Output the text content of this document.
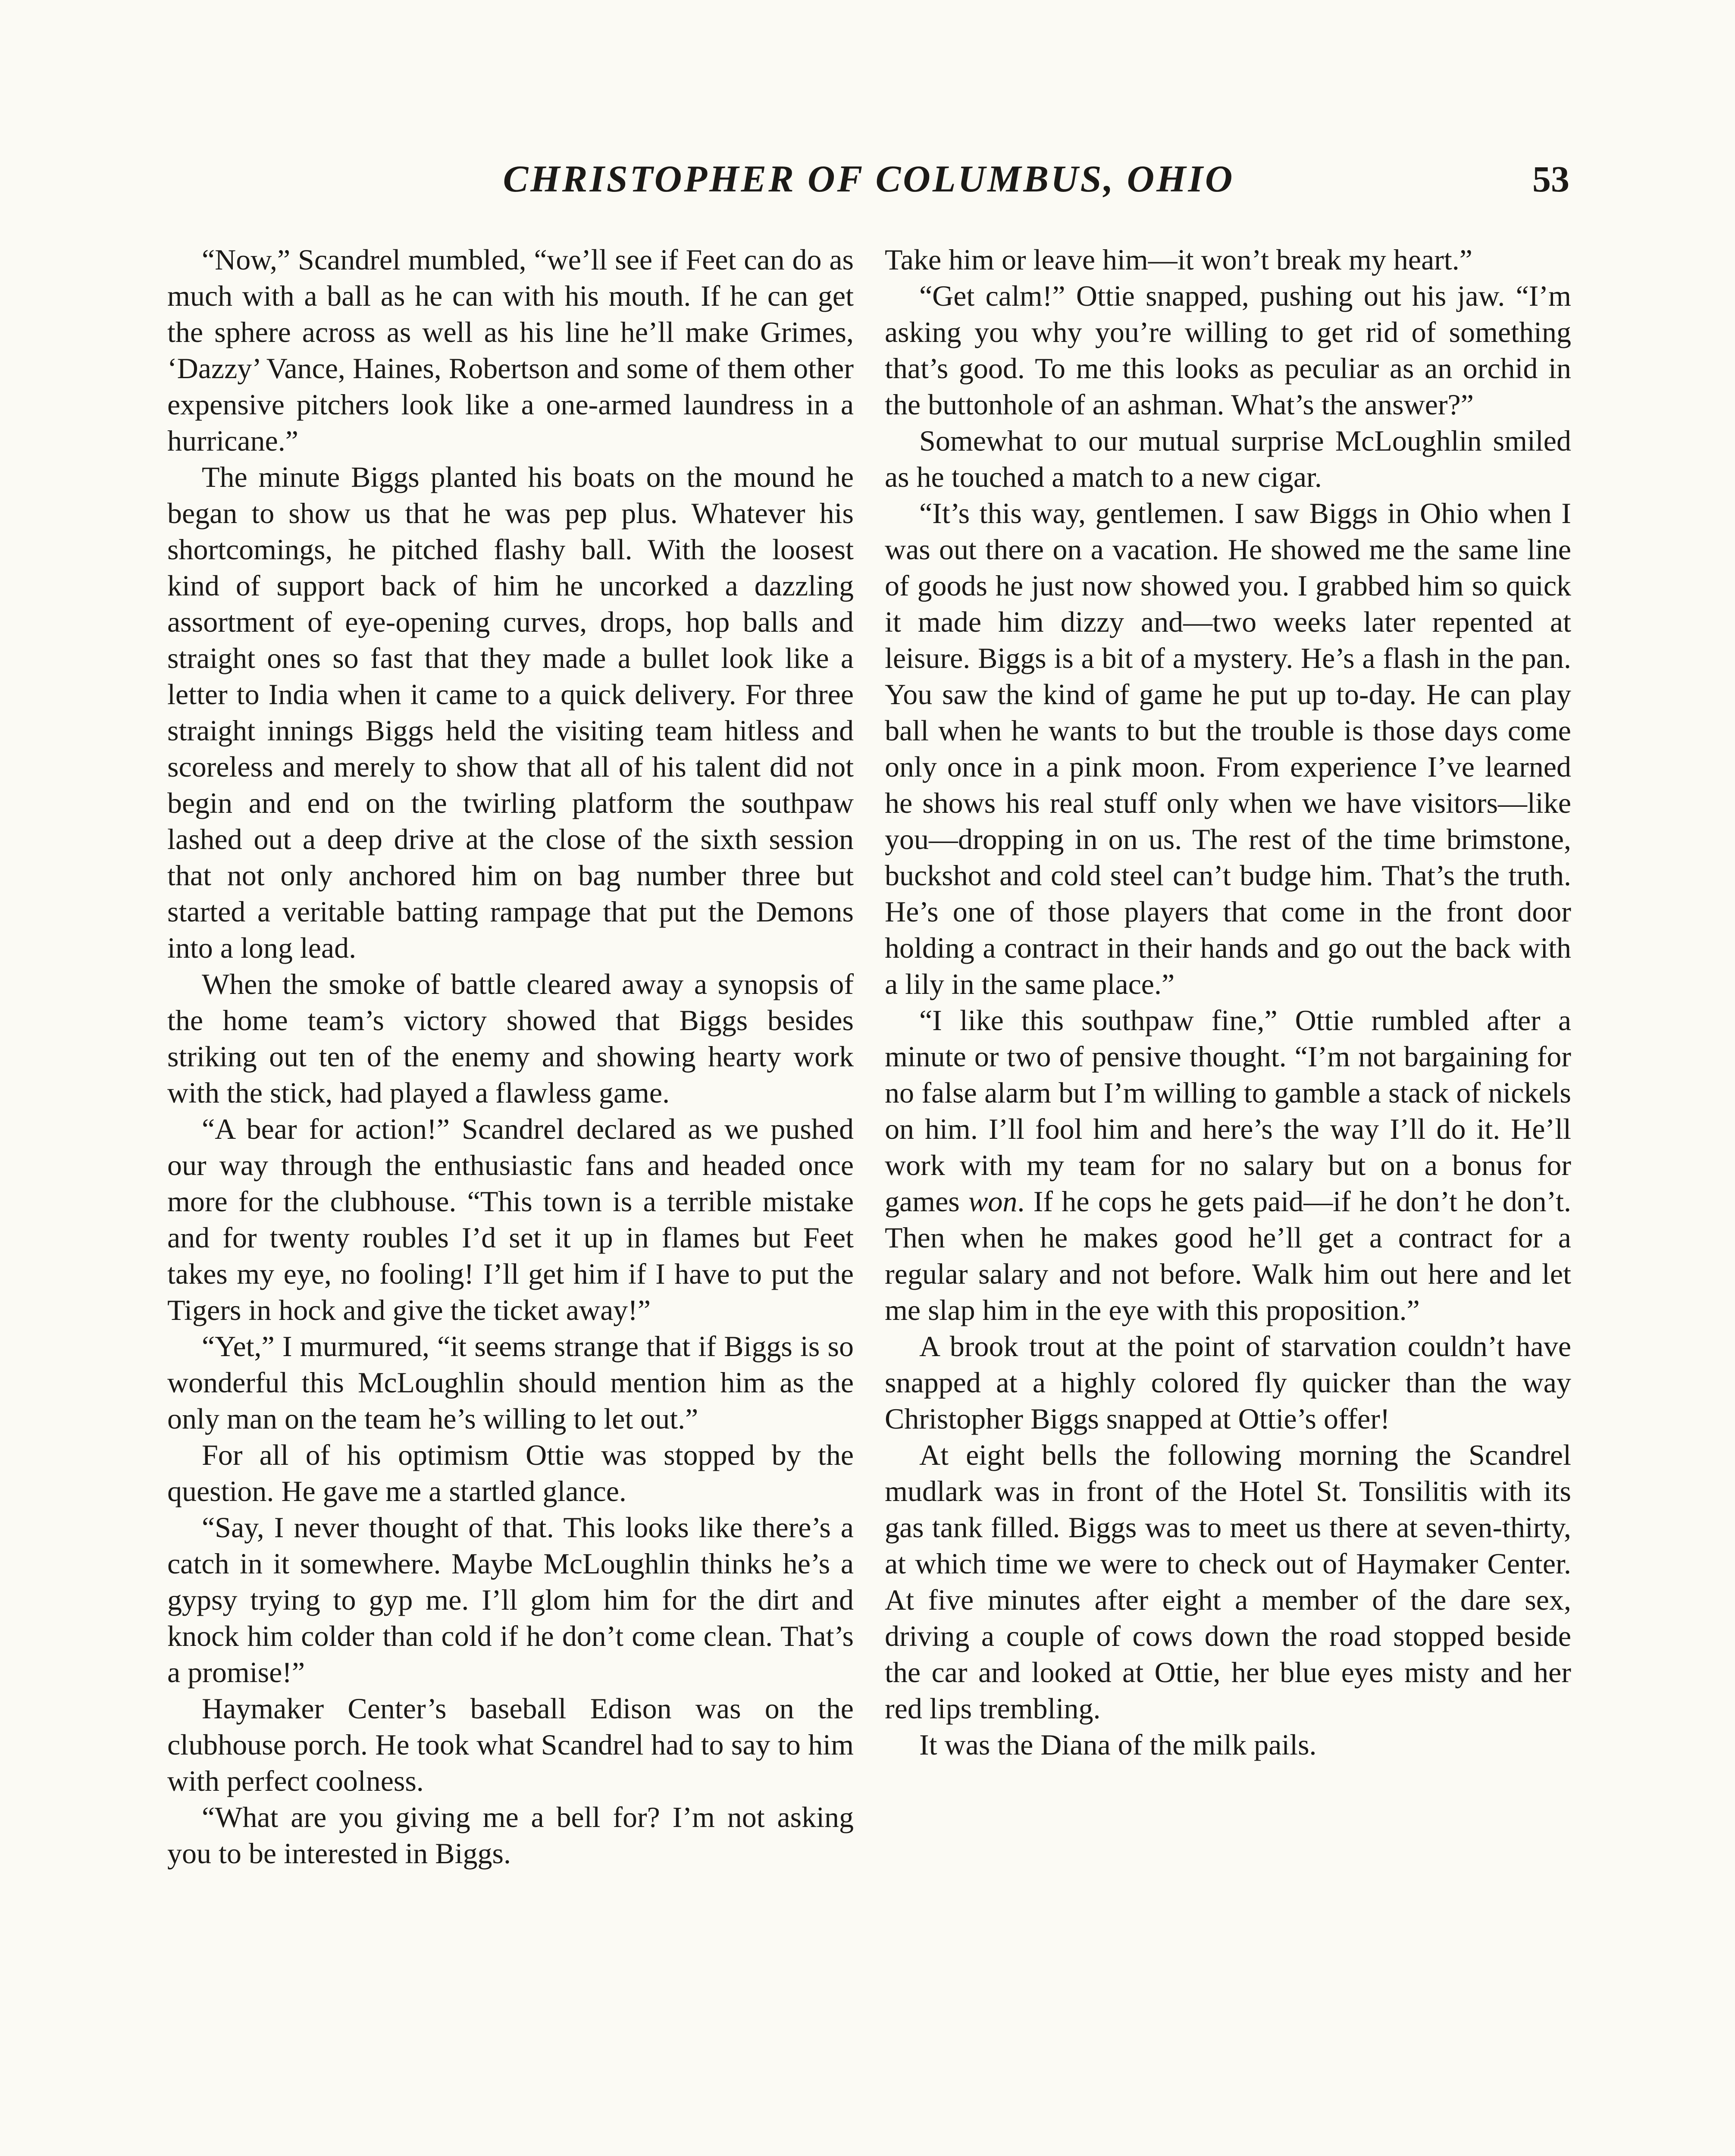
CHRISTOPHER OF COLUMBUS, OHIO	53

“Now,” Scandrel mumbled, “we’ll see if Feet can do as much with a ball as he can with his mouth. If he can get the sphere across as well as his line he’ll make Grimes, ‘Dazzy’ Vance, Haines, Robertson and some of them other expensive pitchers look like a one-armed laundress in a hurricane.”

The minute Biggs planted his boats on the mound he began to show us that he was pep plus. Whatever his shortcomings, he pitched flashy ball. With the loosest kind of support back of him he uncorked a dazzling assortment of eye-opening curves, drops, hop balls and straight ones so fast that they made a bullet look like a letter to India when it came to a quick delivery. For three straight innings Biggs held the visiting team hitless and scoreless and merely to show that all of his talent did not begin and end on the twirling platform the southpaw lashed out a deep drive at the close of the sixth session that not only anchored him on bag number three but started a veritable batting rampage that put the Demons into a long lead.

When the smoke of battle cleared away a synopsis of the home team’s victory showed that Biggs besides striking out ten of the enemy and showing hearty work with the stick, had played a flawless game.

“A bear for action!” Scandrel declared as we pushed our way through the enthusiastic fans and headed once more for the clubhouse. “This town is a terrible mistake and for twenty roubles I’d set it up in flames but Feet takes my eye, no fooling! I’ll get him if I have to put the Tigers in hock and give the ticket away!”

“Yet,” I murmured, “it seems strange that if Biggs is so wonderful this McLoughlin should mention him as the only man on the team he’s willing to let out.”

For all of his optimism Ottie was stopped by the question. He gave me a startled glance.

“Say, I never thought of that. This looks like there’s a catch in it somewhere. Maybe McLoughlin thinks he’s a gypsy trying to gyp me. I’ll glom him for the dirt and knock him colder than cold if he don’t come clean. That’s a promise!”

Haymaker Center’s baseball Edison was on the clubhouse porch. He took what Scandrel had to say to him with perfect coolness.

“What are you giving me a bell for? I’m not asking you to be interested in Biggs.

Take him or leave him—it won’t break my heart.”

“Get calm!” Ottie snapped, pushing out his jaw. “I’m asking you why you’re willing to get rid of something that’s good. To me this looks as peculiar as an orchid in the buttonhole of an ashman. What’s the answer?”

Somewhat to our mutual surprise McLoughlin smiled as he touched a match to a new cigar.

“It’s this way, gentlemen. I saw Biggs in Ohio when I was out there on a vacation. He showed me the same line of goods he just now showed you. I grabbed him so quick it made him dizzy and—two weeks later repented at leisure. Biggs is a bit of a mystery. He’s a flash in the pan. You saw the kind of game he put up to-day. He can play ball when he wants to but the trouble is those days come only once in a pink moon. From experience I’ve learned he shows his real stuff only when we have visitors—like you—dropping in on us. The rest of the time brimstone, buckshot and cold steel can’t budge him. That’s the truth. He’s one of those players that come in the front door holding a contract in their hands and go out the back with a lily in the same place.”

“I like this southpaw fine,” Ottie rumbled after a minute or two of pensive thought. “I’m not bargaining for no false alarm but I’m willing to gamble a stack of nickels on him. I’ll fool him and here’s the way I’ll do it. He’ll work with my team for no salary but on a bonus for games won. If he cops he gets paid—if he don’t he don’t. Then when he makes good he’ll get a contract for a regular salary and not before. Walk him out here and let me slap him in the eye with this proposition.”

A brook trout at the point of starvation couldn’t have snapped at a highly colored fly quicker than the way Christopher Biggs snapped at Ottie’s offer!

At eight bells the following morning the Scandrel mudlark was in front of the Hotel St. Tonsilitis with its gas tank filled. Biggs was to meet us there at seven-thirty, at which time we were to check out of Haymaker Center. At five minutes after eight a member of the dare sex, driving a couple of cows down the road stopped beside the car and looked at Ottie, her blue eyes misty and her red lips trembling.

It was the Diana of the milk pails.
